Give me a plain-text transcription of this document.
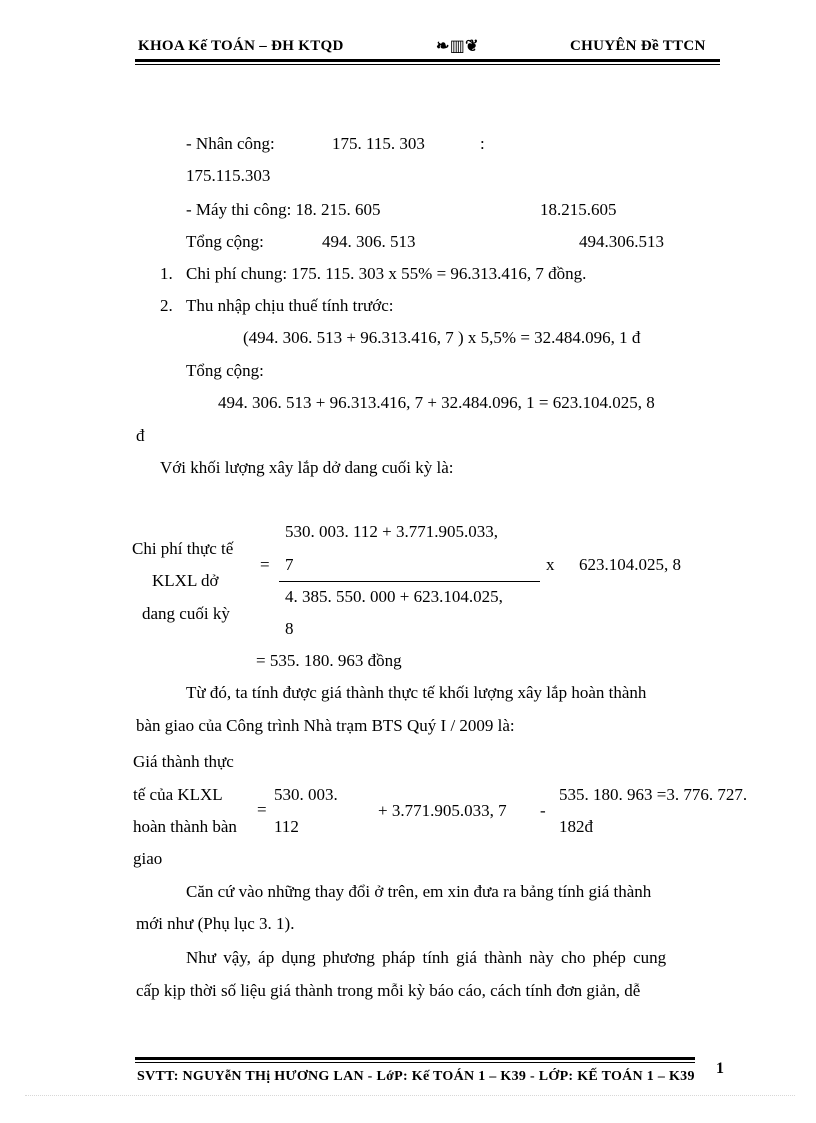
KHOA Kế TOÁN – ĐH KTQD	❧▥❦	CHUYÊN Đề TTCN
- Nhân công:	175. 115. 303	:
175.115.303
- Máy thi công: 18. 215. 605	18.215.605
Tổng cộng:	494. 306. 513	494.306.513
1. Chi phí chung: 175. 115. 303 x 55% = 96.313.416, 7 đồng.
2. Thu nhập chịu thuế tính trước:
(494. 306. 513 + 96.313.416, 7 ) x 5,5% = 32.484.096, 1 đ
Tổng cộng:
494. 306. 513 + 96.313.416, 7 + 32.484.096, 1 = 623.104.025, 8
đ
Với khối lượng xây lắp dở dang cuối kỳ là:
Chi phí thực tế
KLXL dở
dang cuối kỳ
=
530. 003. 112 + 3.771.905.033,
7
4. 385. 550. 000 + 623.104.025,
8
x 623.104.025, 8
= 535. 180. 963 đồng
Từ đó, ta tính được giá thành thực tế khối lượng xây lắp hoàn thành
bàn giao của Công trình Nhà trạm BTS Quý I / 2009 là:
Giá thành thực
tế của KLXL
hoàn thành bàn
giao
=
530. 003.
112
+ 3.771.905.033, 7 -
535. 180. 963 =3. 776. 727.
182đ
Căn cứ vào những thay đổi ở trên, em xin đưa ra bảng tính giá thành
mới như (Phụ lục 3. 1).
Như vậy, áp dụng phương pháp tính giá thành này cho phép cung
cấp kịp thời số liệu giá thành trong mỗi kỳ báo cáo, cách tính đơn giản, dễ
SVTT: NGUYễN THị HƯƠNG LAN - LớP: Kế TOÁN 1 – K39 - LỚP: KẾ TOÁN 1 – K39 1
